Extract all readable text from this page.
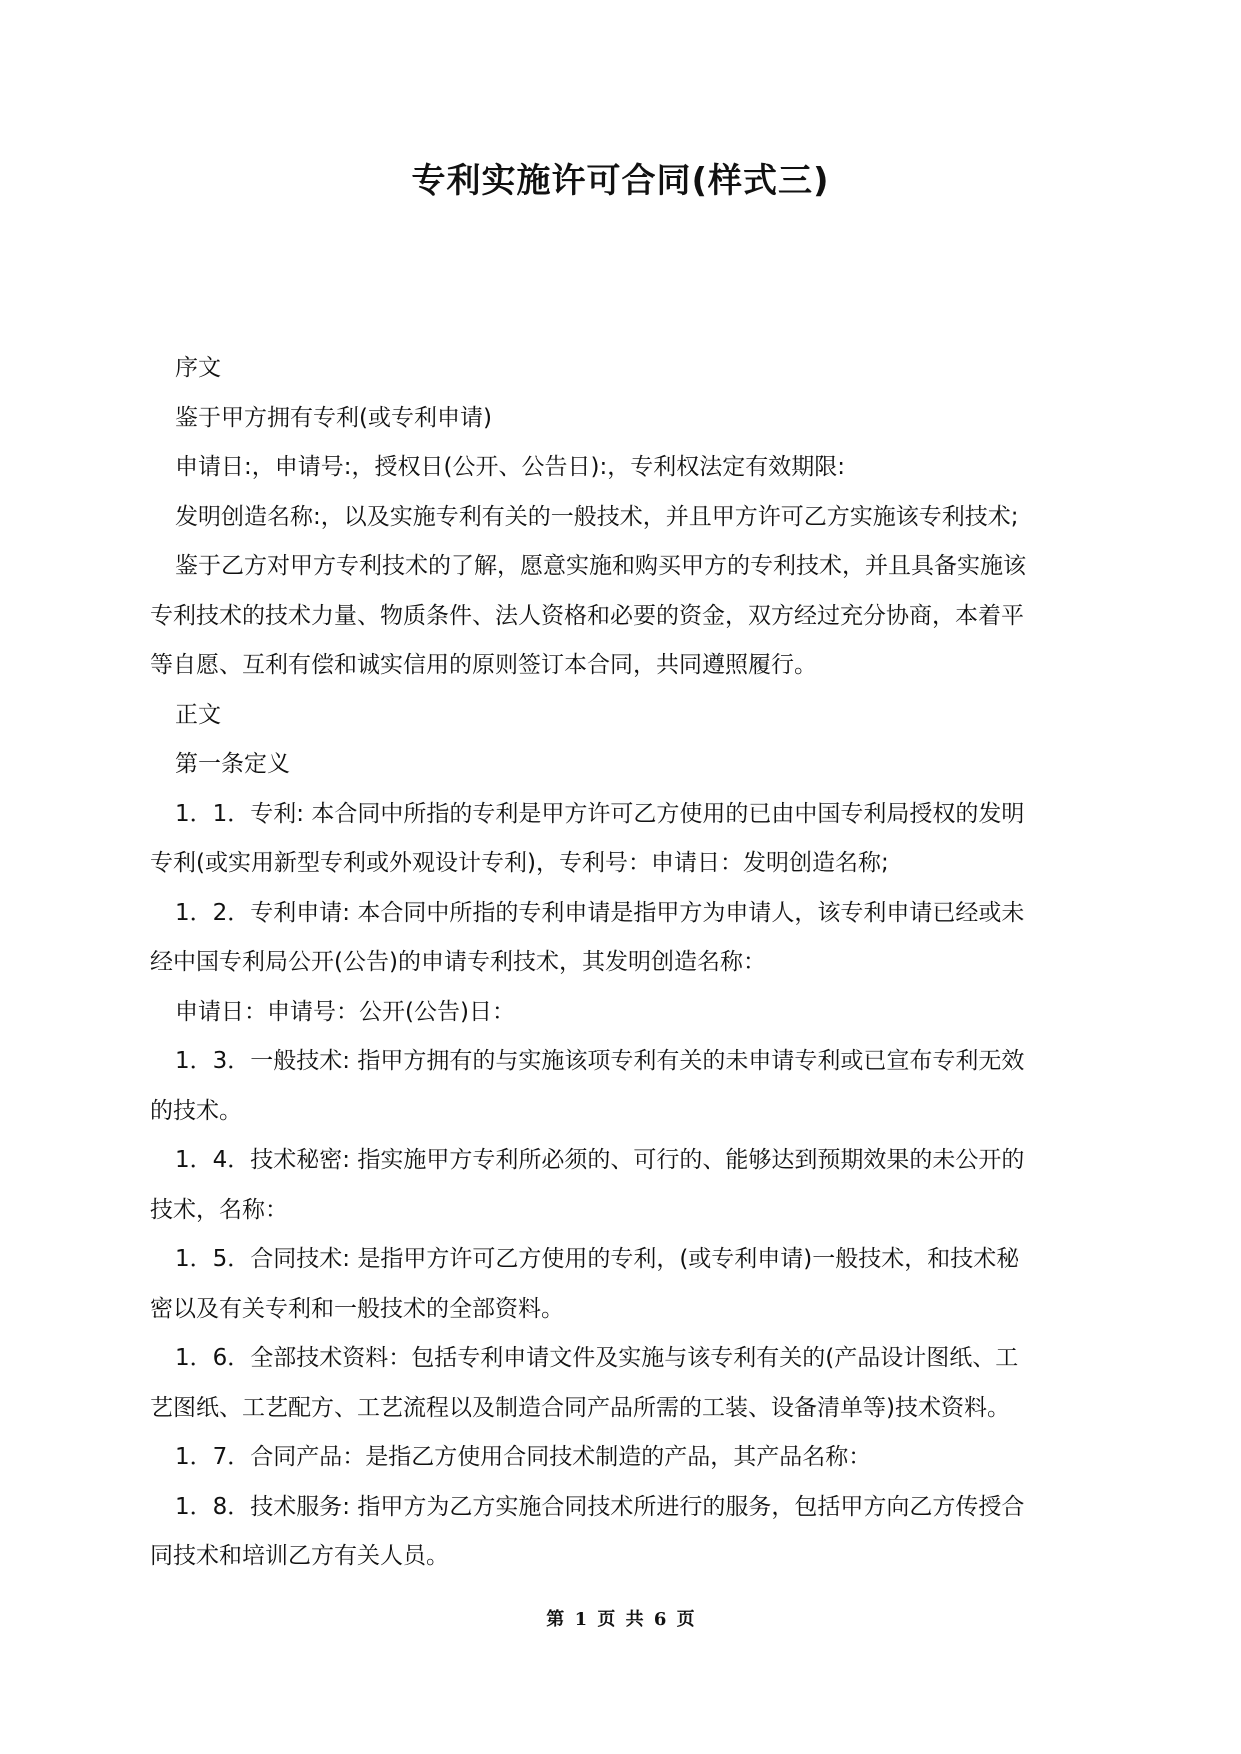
专利实施许可合同(样式三)
序文
鉴于甲方拥有专利(或专利申请)
申请日:，申请号:，授权日(公开、公告日):，专利权法定有效期限:
发明创造名称:，以及实施专利有关的一般技术，并且甲方许可乙方实施该专利技术;
鉴于乙方对甲方专利技术的了解，愿意实施和购买甲方的专利技术，并且具备实施该
专利技术的技术力量、物质条件、法人资格和必要的资金，双方经过充分协商，本着平
等自愿、互利有偿和诚实信用的原则签订本合同，共同遵照履行。
正文
第一条定义
1．1．专利: 本合同中所指的专利是甲方许可乙方使用的已由中国专利局授权的发明
专利(或实用新型专利或外观设计专利)，专利号：申请日：发明创造名称;
1．2．专利申请: 本合同中所指的专利申请是指甲方为申请人，该专利申请已经或未
经中国专利局公开(公告)的申请专利技术，其发明创造名称：
申请日：申请号：公开(公告)日：
1．3．一般技术: 指甲方拥有的与实施该项专利有关的未申请专利或已宣布专利无效
的技术。
1．4．技术秘密: 指实施甲方专利所必须的、可行的、能够达到预期效果的未公开的
技术，名称：
1．5．合同技术: 是指甲方许可乙方使用的专利，(或专利申请)一般技术，和技术秘
密以及有关专利和一般技术的全部资料。
1．6．全部技术资料：包括专利申请文件及实施与该专利有关的(产品设计图纸、工
艺图纸、工艺配方、工艺流程以及制造合同产品所需的工装、设备清单等)技术资料。
1．7．合同产品：是指乙方使用合同技术制造的产品，其产品名称：
1．8．技术服务: 指甲方为乙方实施合同技术所进行的服务，包括甲方向乙方传授合
同技术和培训乙方有关人员。
第 1 页 共 6 页
